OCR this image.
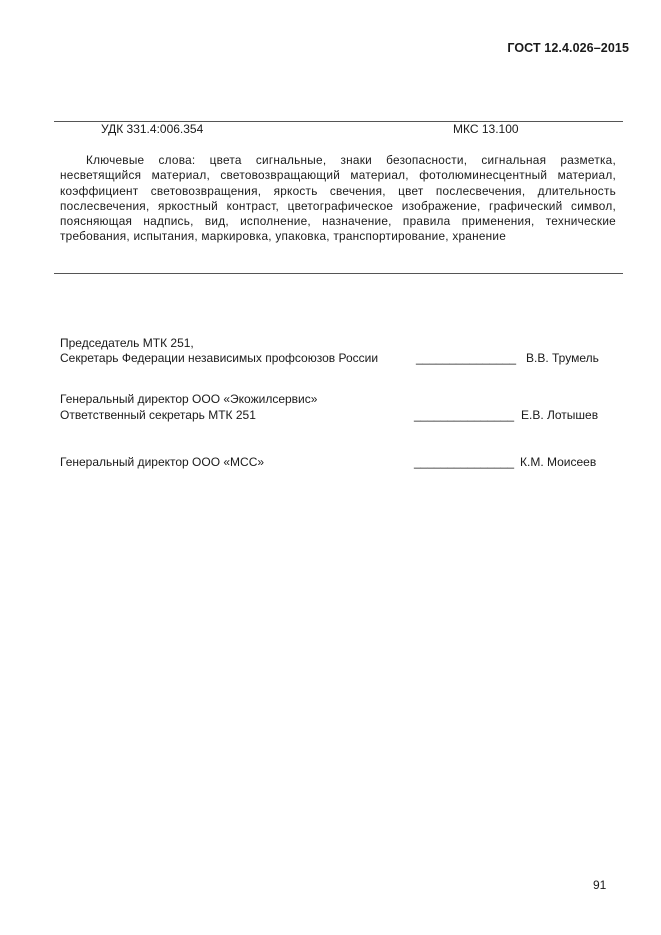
ГОСТ 12.4.026–2015
УДК 331.4:006.354	МКС 13.100
Ключевые слова: цвета сигнальные, знаки безопасности, сигнальная разметка, несветящийся материал, световозвращающий материал, фотолюминесцентный материал, коэффициент световозвращения, яркость свечения, цвет послесвечения, длительность послесвечения, яркостный контраст, цветографическое изображение, графический символ, поясняющая надпись, вид, исполнение, назначение, правила применения, технические требования, испытания, маркировка, упаковка, транспортирование, хранение
Председатель МТК 251,
Секретарь Федерации независимых профсоюзов России	_______________ В.В. Трумель
Генеральный директор ООО «Экожилсервис»
Ответственный секретарь МТК 251	_______________ Е.В. Лотышев
Генеральный директор ООО «МСС»	_______________ К.М. Моисеев
91
